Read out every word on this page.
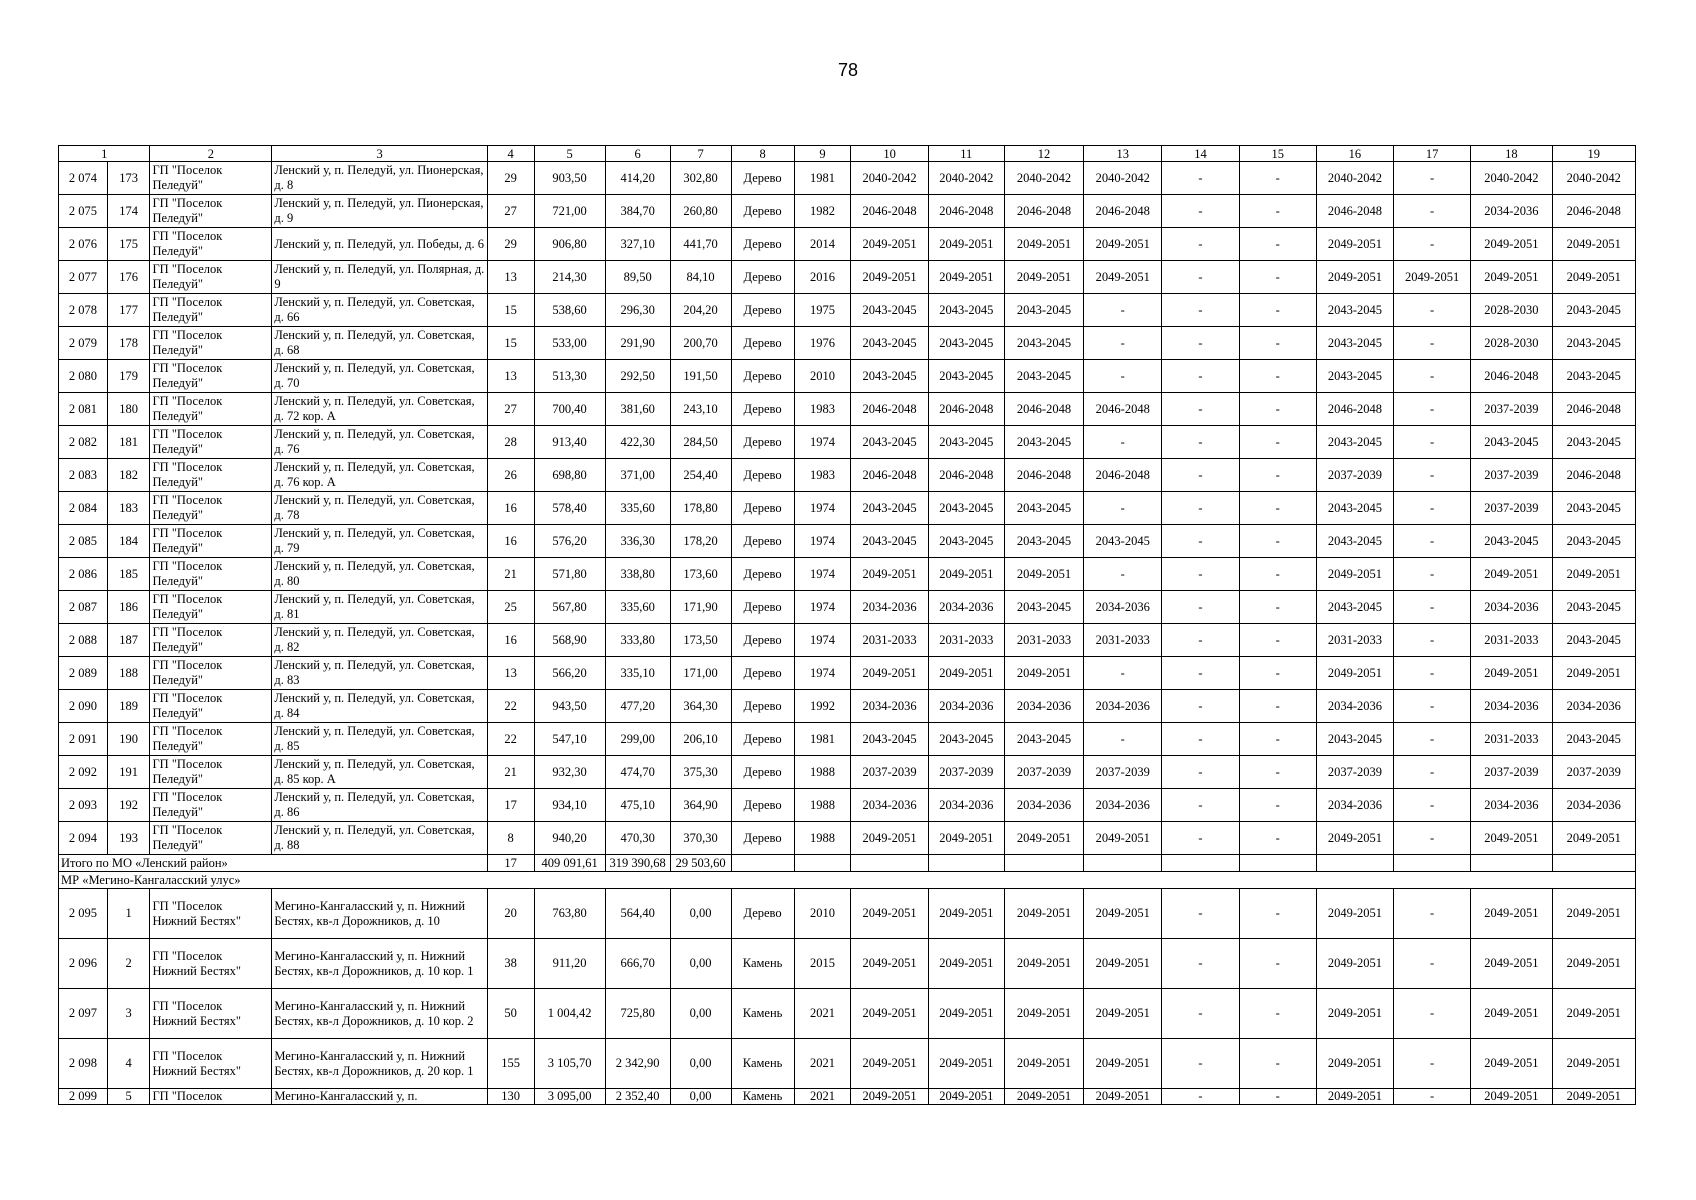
78
1		2	3	4	5	6	7	8	9	10	11	12	13	14	15	16	17	18	19
2 074	173	ГП "Поселок Пеледуй"	Ленский у, п. Пеледуй, ул. Пионерская, д. 8	29	903,50	414,20	302,80	Дерево	1981	2040-2042	2040-2042	2040-2042	2040-2042	-	-	2040-2042	-	2040-2042	2040-2042
2 075	174	ГП "Поселок Пеледуй"	Ленский у, п. Пеледуй, ул. Пионерская, д. 9	27	721,00	384,70	260,80	Дерево	1982	2046-2048	2046-2048	2046-2048	2046-2048	-	-	2046-2048	-	2034-2036	2046-2048
2 076	175	ГП "Поселок Пеледуй"	Ленский у, п. Пеледуй, ул. Победы, д. 6	29	906,80	327,10	441,70	Дерево	2014	2049-2051	2049-2051	2049-2051	2049-2051	-	-	2049-2051	-	2049-2051	2049-2051
2 077	176	ГП "Поселок Пеледуй"	Ленский у, п. Пеледуй, ул. Полярная, д. 9	13	214,30	89,50	84,10	Дерево	2016	2049-2051	2049-2051	2049-2051	2049-2051	-	-	2049-2051	2049-2051	2049-2051	2049-2051
2 078	177	ГП "Поселок Пеледуй"	Ленский у, п. Пеледуй, ул. Советская, д. 66	15	538,60	296,30	204,20	Дерево	1975	2043-2045	2043-2045	2043-2045	-	-	-	2043-2045	-	2028-2030	2043-2045
2 079	178	ГП "Поселок Пеледуй"	Ленский у, п. Пеледуй, ул. Советская, д. 68	15	533,00	291,90	200,70	Дерево	1976	2043-2045	2043-2045	2043-2045	-	-	-	2043-2045	-	2028-2030	2043-2045
2 080	179	ГП "Поселок Пеледуй"	Ленский у, п. Пеледуй, ул. Советская, д. 70	13	513,30	292,50	191,50	Дерево	2010	2043-2045	2043-2045	2043-2045	-	-	-	2043-2045	-	2046-2048	2043-2045
2 081	180	ГП "Поселок Пеледуй"	Ленский у, п. Пеледуй, ул. Советская, д. 72 кор. А	27	700,40	381,60	243,10	Дерево	1983	2046-2048	2046-2048	2046-2048	2046-2048	-	-	2046-2048	-	2037-2039	2046-2048
2 082	181	ГП "Поселок Пеледуй"	Ленский у, п. Пеледуй, ул. Советская, д. 76	28	913,40	422,30	284,50	Дерево	1974	2043-2045	2043-2045	2043-2045	-	-	-	2043-2045	-	2043-2045	2043-2045
2 083	182	ГП "Поселок Пеледуй"	Ленский у, п. Пеледуй, ул. Советская, д. 76 кор. А	26	698,80	371,00	254,40	Дерево	1983	2046-2048	2046-2048	2046-2048	2046-2048	-	-	2037-2039	-	2037-2039	2046-2048
2 084	183	ГП "Поселок Пеледуй"	Ленский у, п. Пеледуй, ул. Советская, д. 78	16	578,40	335,60	178,80	Дерево	1974	2043-2045	2043-2045	2043-2045	-	-	-	2043-2045	-	2037-2039	2043-2045
2 085	184	ГП "Поселок Пеледуй"	Ленский у, п. Пеледуй, ул. Советская, д. 79	16	576,20	336,30	178,20	Дерево	1974	2043-2045	2043-2045	2043-2045	2043-2045	-	-	2043-2045	-	2043-2045	2043-2045
2 086	185	ГП "Поселок Пеледуй"	Ленский у, п. Пеледуй, ул. Советская, д. 80	21	571,80	338,80	173,60	Дерево	1974	2049-2051	2049-2051	2049-2051	-	-	-	2049-2051	-	2049-2051	2049-2051
2 087	186	ГП "Поселок Пеледуй"	Ленский у, п. Пеледуй, ул. Советская, д. 81	25	567,80	335,60	171,90	Дерево	1974	2034-2036	2034-2036	2043-2045	2034-2036	-	-	2043-2045	-	2034-2036	2043-2045
2 088	187	ГП "Поселок Пеледуй"	Ленский у, п. Пеледуй, ул. Советская, д. 82	16	568,90	333,80	173,50	Дерево	1974	2031-2033	2031-2033	2031-2033	2031-2033	-	-	2031-2033	-	2031-2033	2043-2045
2 089	188	ГП "Поселок Пеледуй"	Ленский у, п. Пеледуй, ул. Советская, д. 83	13	566,20	335,10	171,00	Дерево	1974	2049-2051	2049-2051	2049-2051	-	-	-	2049-2051	-	2049-2051	2049-2051
2 090	189	ГП "Поселок Пеледуй"	Ленский у, п. Пеледуй, ул. Советская, д. 84	22	943,50	477,20	364,30	Дерево	1992	2034-2036	2034-2036	2034-2036	2034-2036	-	-	2034-2036	-	2034-2036	2034-2036
2 091	190	ГП "Поселок Пеледуй"	Ленский у, п. Пеледуй, ул. Советская, д. 85	22	547,10	299,00	206,10	Дерево	1981	2043-2045	2043-2045	2043-2045	-	-	-	2043-2045	-	2031-2033	2043-2045
2 092	191	ГП "Поселок Пеледуй"	Ленский у, п. Пеледуй, ул. Советская, д. 85 кор. А	21	932,30	474,70	375,30	Дерево	1988	2037-2039	2037-2039	2037-2039	2037-2039	-	-	2037-2039	-	2037-2039	2037-2039
2 093	192	ГП "Поселок Пеледуй"	Ленский у, п. Пеледуй, ул. Советская, д. 86	17	934,10	475,10	364,90	Дерево	1988	2034-2036	2034-2036	2034-2036	2034-2036	-	-	2034-2036	-	2034-2036	2034-2036
2 094	193	ГП "Поселок Пеледуй"	Ленский у, п. Пеледуй, ул. Советская, д. 88	8	940,20	470,30	370,30	Дерево	1988	2049-2051	2049-2051	2049-2051	2049-2051	-	-	2049-2051	-	2049-2051	2049-2051
Итого по МО «Ленский район»				17	409 091,61	319 390,68	29 503,60												
МР «Мегино-Кангаласский улус»																			
2 095	1	ГП "Поселок Нижний Бестях"	Мегино-Кангаласский у, п. Нижний Бестях, кв-л Дорожников, д. 10	20	763,80	564,40	0,00	Дерево	2010	2049-2051	2049-2051	2049-2051	2049-2051	-	-	2049-2051	-	2049-2051	2049-2051
2 096	2	ГП "Поселок Нижний Бестях"	Мегино-Кангаласский у, п. Нижний Бестях, кв-л Дорожников, д. 10 кор. 1	38	911,20	666,70	0,00	Камень	2015	2049-2051	2049-2051	2049-2051	2049-2051	-	-	2049-2051	-	2049-2051	2049-2051
2 097	3	ГП "Поселок Нижний Бестях"	Мегино-Кангаласский у, п. Нижний Бестях, кв-л Дорожников, д. 10 кор. 2	50	1 004,42	725,80	0,00	Камень	2021	2049-2051	2049-2051	2049-2051	2049-2051	-	-	2049-2051	-	2049-2051	2049-2051
2 098	4	ГП "Поселок Нижний Бестях"	Мегино-Кангаласский у, п. Нижний Бестях, кв-л Дорожников, д. 20 кор. 1	155	3 105,70	2 342,90	0,00	Камень	2021	2049-2051	2049-2051	2049-2051	2049-2051	-	-	2049-2051	-	2049-2051	2049-2051
2 099	5	ГП "Поселок	Мегино-Кангаласский у, п.	130	3 095,00	2 352,40	0,00	Камень	2021	2049-2051	2049-2051	2049-2051	2049-2051	-	-	2049-2051	-	2049-2051	2049-2051
